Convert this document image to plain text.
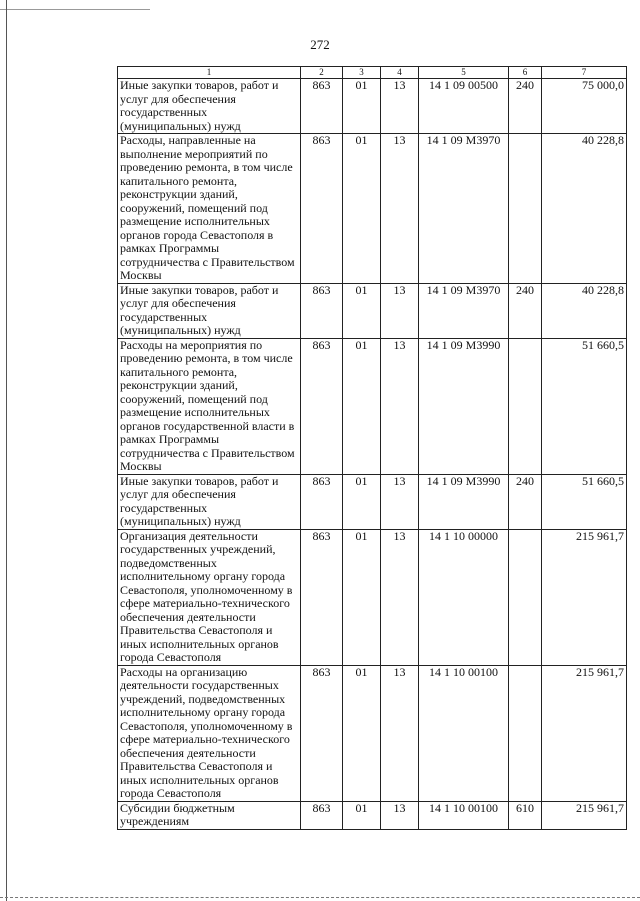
272
1	2	3	4	5	6	7
Иные закупки товаров, работ и услуг для обеспечения государственных (муниципальных) нужд	863	01	13	14 1 09 00500	240	75 000,0
Расходы, направленные на выполнение мероприятий по проведению ремонта, в том числе капитального ремонта, реконструкции зданий, сооружений, помещений под размещение исполнительных органов города Севастополя в рамках Программы сотрудничества с Правительством Москвы	863	01	13	14 1 09 М3970		40 228,8
Иные закупки товаров, работ и услуг для обеспечения государственных (муниципальных) нужд	863	01	13	14 1 09 М3970	240	40 228,8
Расходы на мероприятия по проведению ремонта, в том числе капитального ремонта, реконструкции зданий, сооружений, помещений под размещение исполнительных органов государственной власти в рамках Программы сотрудничества с Правительством Москвы	863	01	13	14 1 09 М3990		51 660,5
Иные закупки товаров, работ и услуг для обеспечения государственных (муниципальных) нужд	863	01	13	14 1 09 М3990	240	51 660,5
Организация деятельности государственных учреждений, подведомственных исполнительному органу города Севастополя, уполномоченному в сфере материально-технического обеспечения деятельности Правительства Севастополя и иных исполнительных органов города Севастополя	863	01	13	14 1 10 00000		215 961,7
Расходы на организацию деятельности государственных учреждений, подведомственных исполнительному органу города Севастополя, уполномоченному в сфере материально-технического обеспечения деятельности Правительства Севастополя и иных исполнительных органов города Севастополя	863	01	13	14 1 10 00100		215 961,7
Субсидии бюджетным учреждениям	863	01	13	14 1 10 00100	610	215 961,7
